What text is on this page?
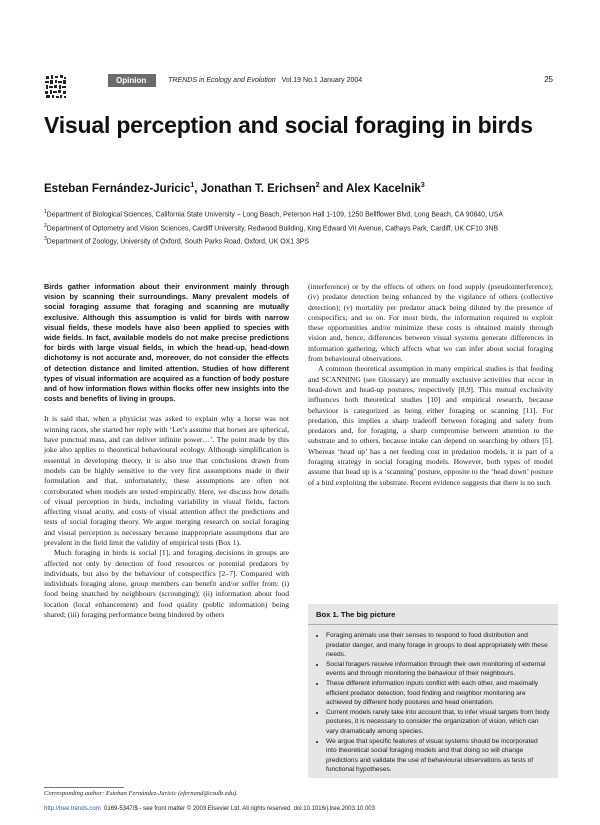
Opinion	TRENDS in Ecology and Evolution Vol.19 No.1 January 2004	25
Visual perception and social foraging in birds
Esteban Fernández-Juricic$^1$, Jonathan T. Erichsen$^2$ and Alex Kacelnik$^3$

$^1$Department of Biological Sciences, California State University – Long Beach, Peterson Hall 1-109, 1250 Bellflower Blvd, Long Beach, CA 90840, USA

$^2$Department of Optometry and Vision Sciences, Cardiff University, Redwood Building, King Edward VII Avenue, Cathays Park, Cardiff, UK CF10 3NB

$^3$Department of Zoology, University of Oxford, South Parks Road, Oxford, UK OX1 3PS

Birds gather information about their environment mainly through vision by scanning their surroundings. Many prevalent models of social foraging assume that foraging and scanning are mutually exclusive. Although this assumption is valid for birds with narrow visual fields, these models have also been applied to species with wide fields. In fact, available models do not make precise predictions for birds with large visual fields, in which the head-up, head-down dichotomy is not accurate and, moreover, do not consider the effects of detection distance and limited attention. Studies of how different types of visual information are acquired as a function of body posture and of how information flows within flocks offer new insights into the costs and benefits of living in groups.

It is said that, when a physicist was asked to explain why a horse was not winning races, she started her reply with ‘Let’s assume that horses are spherical, have punctual mass, and can deliver infinite power…’. The point made by this joke also applies to theoretical behavioural ecology. Although simplification is essential in developing theory, it is also true that conclusions drawn from models can be highly sensitive to the very first assumptions made in their formulation and that, unfortunately, these assumptions are often not corroborated when models are tested empirically. Here, we discuss how details of visual perception in birds, including variability in visual fields, factors affecting visual acuity, and costs of visual attention affect the predictions and tests of social foraging theory. We argue merging research on social foraging and visual perception is necessary because inappropriate assumptions that are prevalent in the field limit the validity of empirical tests (Box 1).

Much foraging in birds is social [1], and foraging decisions in groups are affected not only by detection of food resources or potential predators by individuals, but also by the behaviour of conspecifics [2–7]. Compared with individuals foraging alone, group members can benefit and/or suffer from: (i) food being snatched by neighbours (scrounging); (ii) information about food location (local enhancement) and food quality (public information) being shared; (iii) foraging performance being hindered by others

(interference) or by the effects of others on food supply (pseudointerference); (iv) predator detection being enhanced by the vigilance of others (collective detection); (v) mortality per predator attack being diluted by the presence of conspecifics; and so on. For most birds, the information required to exploit these opportunities and/or minimize these costs is obtained mainly through vision and, hence, differences between visual systems generate differences in information gathering, which affects what we can infer about social foraging from behavioural observations.

A common theoretical assumption in many empirical studies is that feeding and SCANNING (see Glossary) are mutually exclusive activities that occur in head-down and head-up postures, respectively [8,9]. This mutual exclusivity influences both theoretical studies [10] and empirical research, because behaviour is categorized as being either foraging or scanning [11]. For predation, this implies a sharp tradeoff between foraging and safety from predators and, for foraging, a sharp compromise between attention to the substrate and to others, because intake can depend on searching by others [5]. Whereas ‘head up’ has a net feeding cost in predation models, it is part of a foraging strategy in social foraging models. However, both types of model assume that head up is a ‘scanning’ posture, opposite to the ‘head down’ posture of a bird exploiting the substrate. Recent evidence suggests that there is no such

Box 1. The big picture

• Foraging animals use their senses to respond to food distribution and predator danger, and many forage in groups to deal appropriately with these needs.
• Social foragers receive information through their own monitoring of external events and through monitoring the behaviour of their neighbours.
• These different information inputs conflict with each other, and maximally efficient predator detection, food finding and neighbor monitoring are achieved by different body postures and head orientation.
• Current models rarely take into account that, to infer visual targets from body postures, it is necessary to consider the organization of vision, which can vary dramatically among species.
• We argue that specific features of visual systems should be incorporated into theoretical social foraging models and that doing so will change predictions and validate the use of behavioural observations as tests of functional hypotheses.
Corresponding author: Esteban Fernández-Juricic (efernand@csulb.edu).
http://tree.trends.com 0169-5347/$ - see front matter © 2003 Elsevier Ltd. All rights reserved. doi:10.1016/j.tree.2003.10.003
